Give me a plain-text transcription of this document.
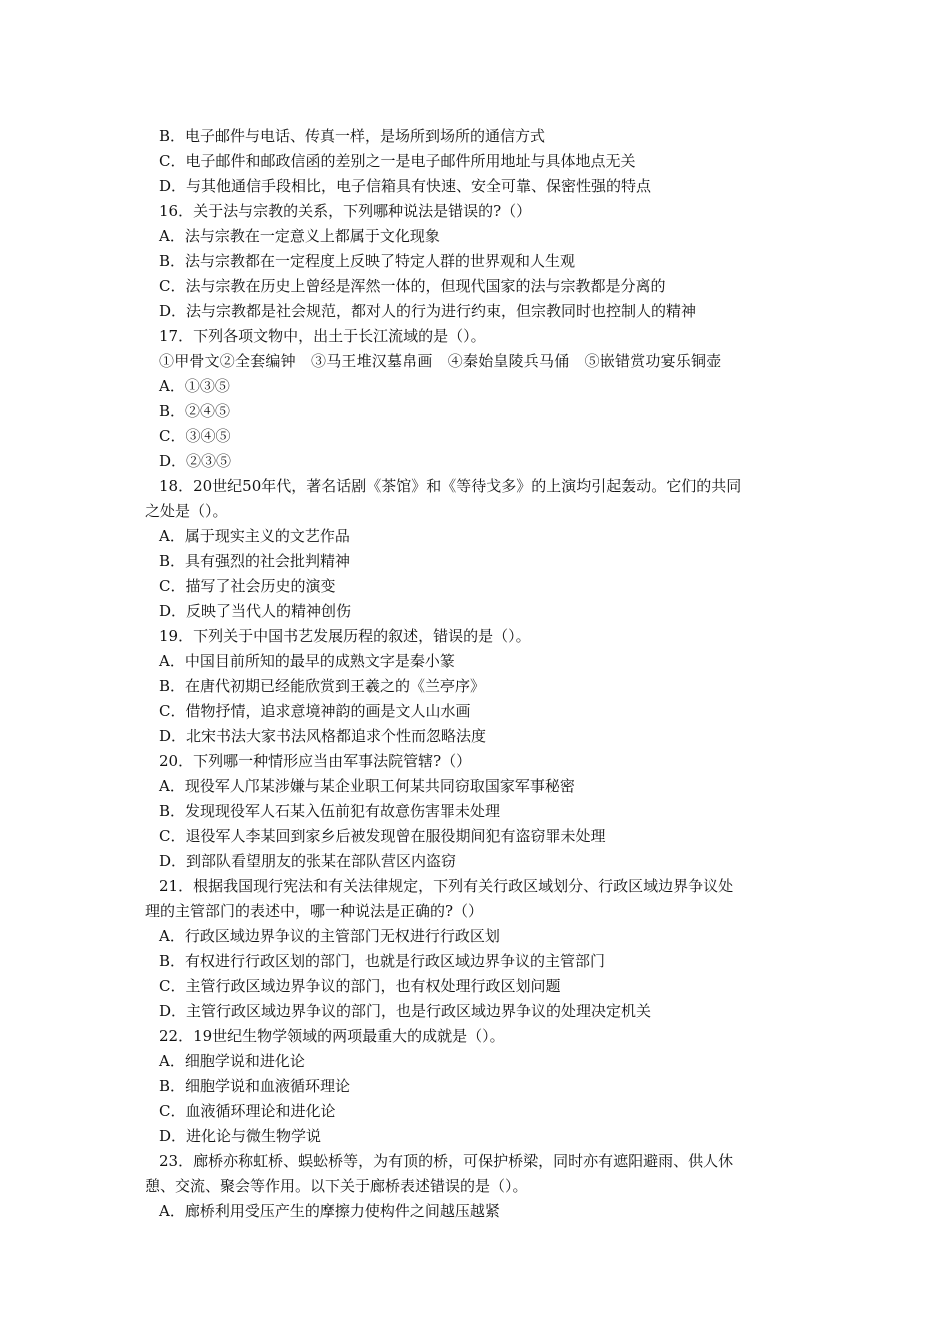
B．电子邮件与电话、传真一样，是场所到场所的通信方式
C．电子邮件和邮政信函的差别之一是电子邮件所用地址与具体地点无关
D．与其他通信手段相比，电子信箱具有快速、安全可靠、保密性强的特点
16．关于法与宗教的关系，下列哪种说法是错误的?（）
A．法与宗教在一定意义上都属于文化现象
B．法与宗教都在一定程度上反映了特定人群的世界观和人生观
C．法与宗教在历史上曾经是浑然一体的，但现代国家的法与宗教都是分离的
D．法与宗教都是社会规范，都对人的行为进行约束，但宗教同时也控制人的精神
17．下列各项文物中，出土于长江流域的是（）。
①甲骨文②全套编钟　③马王堆汉墓帛画　④秦始皇陵兵马俑　⑤嵌错赏功宴乐铜壶
A．①③⑤
B．②④⑤
C．③④⑤
D．②③⑤
18．20世纪50年代，著名话剧《茶馆》和《等待戈多》的上演均引起轰动。它们的共同
之处是（）。
A．属于现实主义的文艺作品
B．具有强烈的社会批判精神
C．描写了社会历史的演变
D．反映了当代人的精神创伤
19．下列关于中国书艺发展历程的叙述，错误的是（）。
A．中国目前所知的最早的成熟文字是秦小篆
B．在唐代初期已经能欣赏到王羲之的《兰亭序》
C．借物抒情，追求意境神韵的画是文人山水画
D．北宋书法大家书法风格都追求个性而忽略法度
20．下列哪一种情形应当由军事法院管辖?（）
A．现役军人邝某涉嫌与某企业职工何某共同窃取国家军事秘密
B．发现现役军人石某入伍前犯有故意伤害罪未处理
C．退役军人李某回到家乡后被发现曾在服役期间犯有盗窃罪未处理
D．到部队看望朋友的张某在部队营区内盗窃
21．根据我国现行宪法和有关法律规定，下列有关行政区域划分、行政区域边界争议处
理的主管部门的表述中，哪一种说法是正确的?（）
A．行政区域边界争议的主管部门无权进行行政区划
B．有权进行行政区划的部门，也就是行政区域边界争议的主管部门
C．主管行政区域边界争议的部门，也有权处理行政区划问题
D．主管行政区域边界争议的部门，也是行政区域边界争议的处理决定机关
22．19世纪生物学领域的两项最重大的成就是（）。
A．细胞学说和进化论
B．细胞学说和血液循环理论
C．血液循环理论和进化论
D．进化论与微生物学说
23．廊桥亦称虹桥、蜈蚣桥等，为有顶的桥，可保护桥梁，同时亦有遮阳避雨、供人休
憩、交流、聚会等作用。以下关于廊桥表述错误的是（）。
A．廊桥利用受压产生的摩擦力使构件之间越压越紧
